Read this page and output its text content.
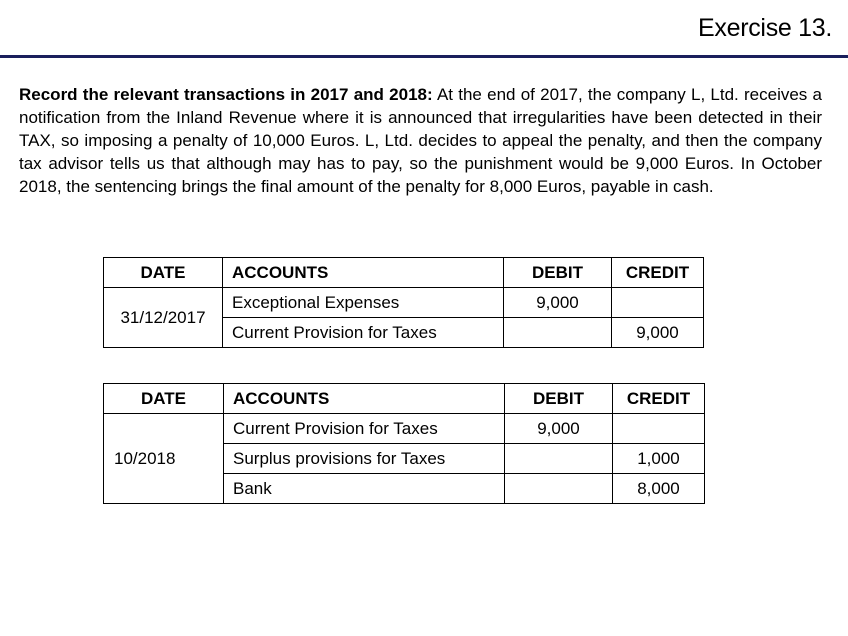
Exercise 13.
Record the relevant transactions in 2017 and 2018: At the end of 2017, the company L, Ltd. receives a notification from the Inland Revenue where it is announced that irregularities have been detected in their TAX, so imposing a penalty of 10,000 Euros. L, Ltd. decides to appeal the penalty, and then the company tax advisor tells us that although may has to pay, so the punishment would be 9,000 Euros. In October 2018, the sentencing brings the final amount of the penalty for 8,000 Euros, payable in cash.
DATE	ACCOUNTS	DEBIT	CREDIT
31/12/2017	Exceptional Expenses	9,000	
	Current Provision for Taxes		9,000
DATE	ACCOUNTS	DEBIT	CREDIT
10/2018	Current Provision for Taxes	9,000	
	Surplus provisions for Taxes		1,000
	Bank		8,000
